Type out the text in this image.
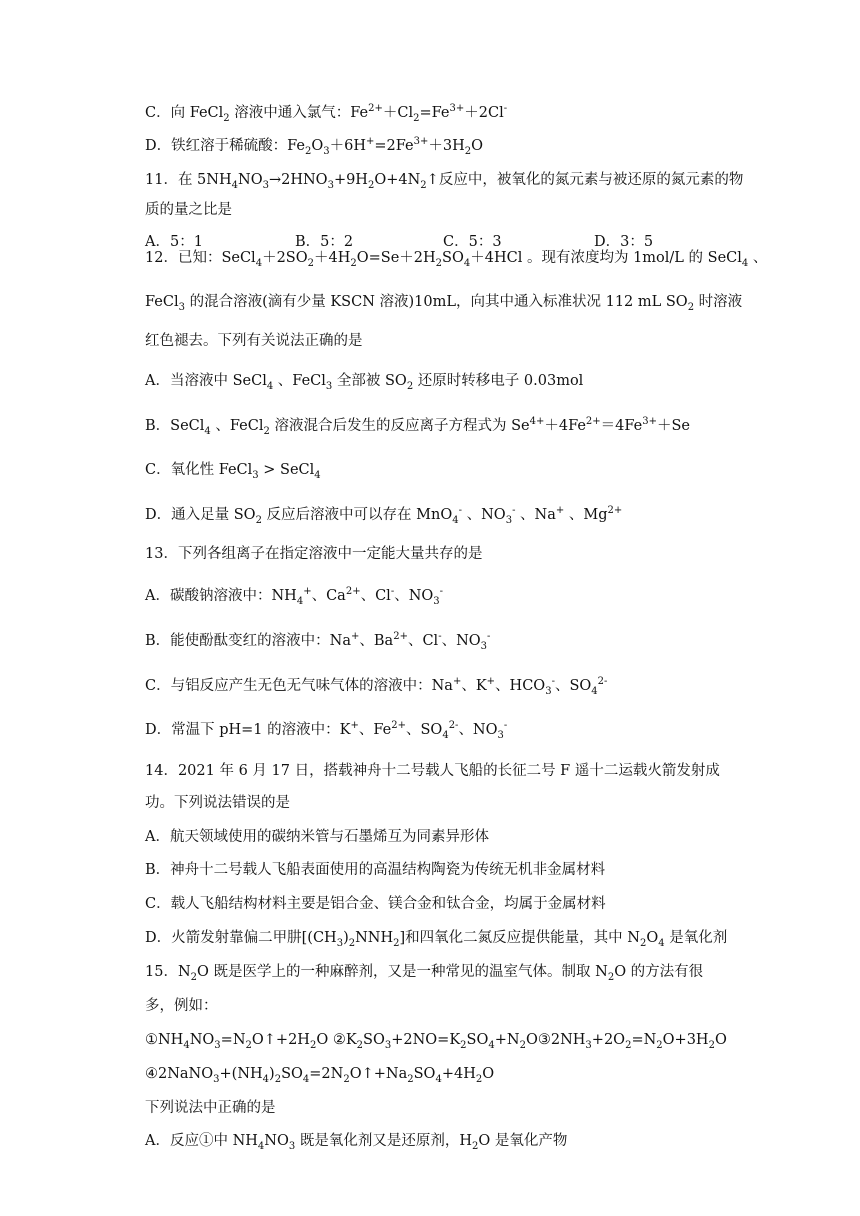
C．向 FeCl$_2$ 溶液中通入氯气：$Fe^{2+}+Cl_2=Fe^{3+}+2Cl^-$
D．铁红溶于稀硫酸：$Fe_2O_3+6H^+=2Fe^{3+}+3H_2O$
11．在 $5NH_4NO_3\to 2HNO_3+9H_2O+4N_2↑$反应中，被氧化的氮元素与被还原的氮元素的物
质的量之比是
A．5：1	B．5：2	C．5：3	D．3：5
12．已知：$SeCl_4+2SO_2+4H_2O=Se+2H_2SO_4+4HCl$ 。现有浓度均为 1mol/L 的 SeCl$_4$ 、
FeCl$_3$ 的混合溶液(滴有少量 KSCN 溶液)10mL，向其中通入标准状况 112 mL $SO_2$ 时溶液
红色褪去。下列有关说法正确的是
A．当溶液中 SeCl$_4$ 、FeCl$_3$ 全部被 $SO_2$ 还原时转移电子 0.03mol
B．SeCl$_4$ 、FeCl$_2$ 溶液混合后发生的反应离子方程式为 $Se^{4+}+4Fe^{2+}=4Fe^{3+}+Se$
C．氧化性 FeCl$_3$ > SeCl$_4$
D．通入足量 $SO_2$ 反应后溶液中可以存在 MnO$_4$- 、$NO_3^-$ 、Na+ 、$Mg^{2+}$
13．下列各组离子在指定溶液中一定能大量共存的是
A．碳酸钠溶液中：$NH_4^+$、$Ca^{2+}$、Cl-、$NO_3^-$
B．能使酚酞变红的溶液中：Na+、$Ba^{2+}$、Cl-、$NO_3^-$
C．与铝反应产生无色无气味气体的溶液中：Na+、K+、$HCO_3^-$、$SO_4^{2-}$
D．常温下 pH=1 的溶液中：K+、$Fe^{2+}$、$SO_4^{2-}$、$NO_3^-$
14．2021 年 6 月 17 日，搭载神舟十二号载人飞船的长征二号 F 遥十二运载火箭发射成
功。下列说法错误的是
A．航天领域使用的碳纳米管与石墨烯互为同素异形体
B．神舟十二号载人飞船表面使用的高温结构陶瓷为传统无机非金属材料
C．载人飞船结构材料主要是铝合金、镁合金和钛合金，均属于金属材料
D．火箭发射靠偏二甲肼$[(CH_3)_2NNH_2]$和四氧化二氮反应提供能量，其中 $N_2O_4$ 是氧化剂
15．$N_2O$ 既是医学上的一种麻醉剂，又是一种常见的温室气体。制取 $N_2O$ 的方法有很
多，例如：
$①NH_4NO_3=N_2O↑+2H_2O$ $②K_2SO_3+2NO=K_2SO_4+N_2O③2NH_3+2O_2=N_2O+3H_2O$
$④2NaNO_3+(NH_4)_2SO_4=2N_2O↑+Na_2SO_4+4H_2O$
下列说法中正确的是
A．反应①中 $NH_4NO_3$ 既是氧化剂又是还原剂，$H_2O$ 是氧化产物
